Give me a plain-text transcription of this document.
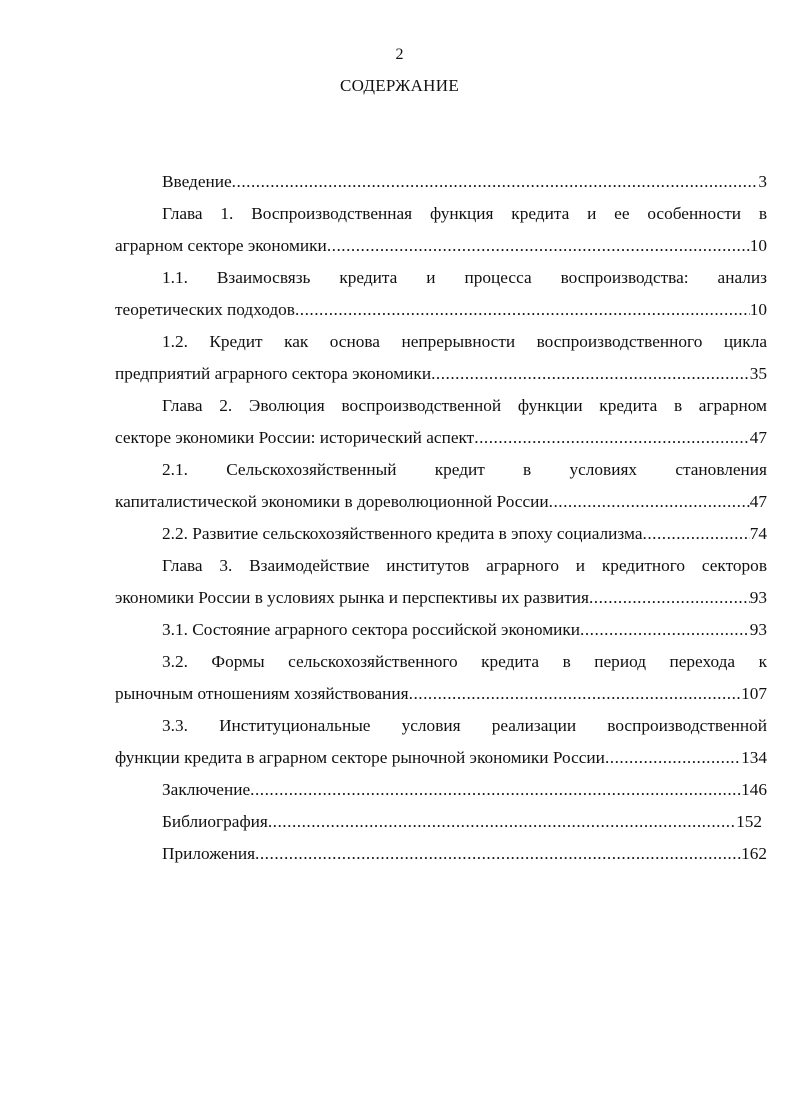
2
СОДЕРЖАНИЕ
Введение .....	3
Глава 1. Воспроизводственная функция кредита и ее особенности в
аграрном секторе экономики .....	10
1.1. Взаимосвязь кредита и процесса воспроизводства: анализ
теоретических подходов .....	10
1.2. Кредит как основа непрерывности воспроизводственного цикла
предприятий аграрного сектора экономики .....	35
Глава 2. Эволюция воспроизводственной функции кредита в аграрном
секторе экономики России: исторический аспект .....	47
2.1. Сельскохозяйственный кредит в условиях становления
капиталистической экономики в дореволюционной России .....	47
2.2. Развитие сельскохозяйственного кредита в эпоху социализма .....	74
Глава 3. Взаимодействие институтов аграрного и кредитного секторов
экономики России в условиях рынка и перспективы их развития .....	93
3.1. Состояние аграрного сектора российской экономики .....	93
3.2. Формы сельскохозяйственного кредита в период перехода к
рыночным отношениям хозяйствования .....	107
3.3. Институциональные условия реализации воспроизводственной
функции кредита в аграрном секторе рыночной экономики России .....	134
Заключение .....	146
Библиография .....	152
Приложения .....	162
